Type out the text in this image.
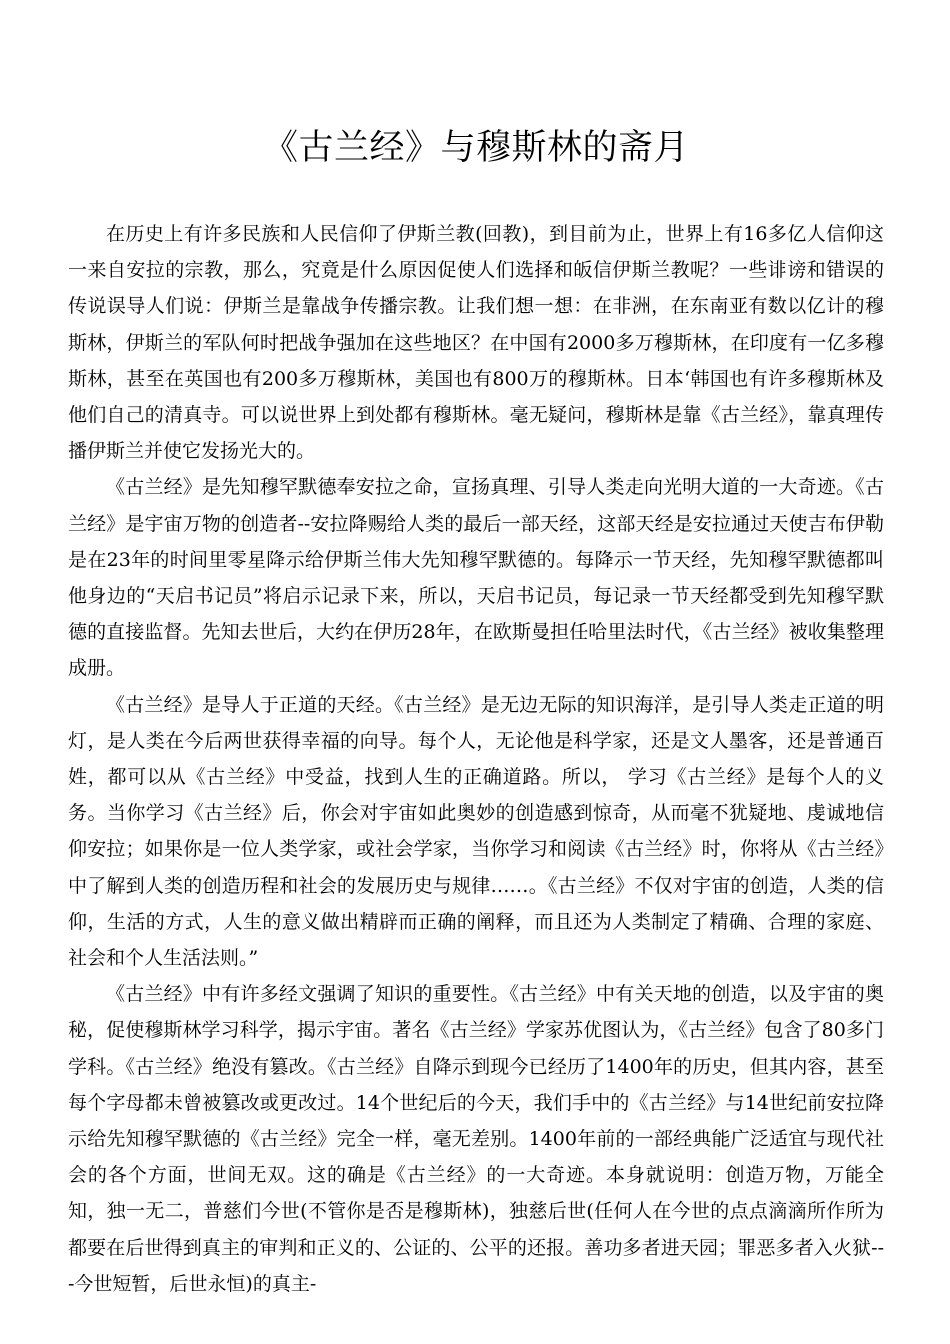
《古兰经》与穆斯林的斋月

在历史上有许多民族和人民信仰了伊斯兰教(回教)，到目前为止，世界上有16多亿人信仰这一来自安拉的宗教，那么，究竟是什么原因促使人们选择和皈信伊斯兰教呢？一些诽谤和错误的传说误导人们说：伊斯兰是靠战争传播宗教。让我们想一想：在非洲，在东南亚有数以亿计的穆斯林，伊斯兰的军队何时把战争强加在这些地区？在中国有2000多万穆斯林，在印度有一亿多穆斯林，甚至在英国也有200多万穆斯林，美国也有800万的穆斯林。日本‘韩国也有许多穆斯林及他们自己的清真寺。可以说世界上到处都有穆斯林。毫无疑问，穆斯林是靠《古兰经》，靠真理传播伊斯兰并使它发扬光大的。

《古兰经》是先知穆罕默德奉安拉之命，宣扬真理、引导人类走向光明大道的一大奇迹。《古兰经》是宇宙万物的创造者--安拉降赐给人类的最后一部天经，这部天经是安拉通过天使吉布伊勒是在23年的时间里零星降示给伊斯兰伟大先知穆罕默德的。每降示一节天经，先知穆罕默德都叫他身边的“天启书记员”将启示记录下来，所以，天启书记员，每记录一节天经都受到先知穆罕默德的直接监督。先知去世后，大约在伊历28年，在欧斯曼担任哈里法时代，《古兰经》被收集整理成册。

《古兰经》是导人于正道的天经。《古兰经》是无边无际的知识海洋，是引导人类走正道的明灯，是人类在今后两世获得幸福的向导。每个人，无论他是科学家，还是文人墨客，还是普通百姓，都可以从《古兰经》中受益，找到人生的正确道路。所以， 学习《古兰经》是每个人的义务。当你学习《古兰经》后，你会对宇宙如此奥妙的创造感到惊奇，从而毫不犹疑地、虔诚地信仰安拉；如果你是一位人类学家，或社会学家，当你学习和阅读《古兰经》时，你将从《古兰经》中了解到人类的创造历程和社会的发展历史与规律……。《古兰经》不仅对宇宙的创造，人类的信仰，生活的方式，人生的意义做出精辟而正确的阐释，而且还为人类制定了精确、合理的家庭、社会和个人生活法则。”

《古兰经》中有许多经文强调了知识的重要性。《古兰经》中有关天地的创造，以及宇宙的奥秘，促使穆斯林学习科学，揭示宇宙。著名《古兰经》学家苏优图认为，《古兰经》包含了80多门学科。《古兰经》绝没有篡改。《古兰经》自降示到现今已经历了1400年的历史，但其内容，甚至每个字母都未曾被篡改或更改过。14个世纪后的今天，我们手中的《古兰经》与14世纪前安拉降示给先知穆罕默德的《古兰经》完全一样，毫无差别。1400年前的一部经典能广泛适宜与现代社会的各个方面，世间无双。这的确是《古兰经》的一大奇迹。本身就说明：创造万物，万能全知，独一无二，普慈们今世(不管你是否是穆斯林)，独慈后世(任何人在今世的点点滴滴所作所为都要在后世得到真主的审判和正义的、公证的、公平的还报。善功多者进天园；罪恶多者入火狱---今世短暂，后世永恒)的真主-
